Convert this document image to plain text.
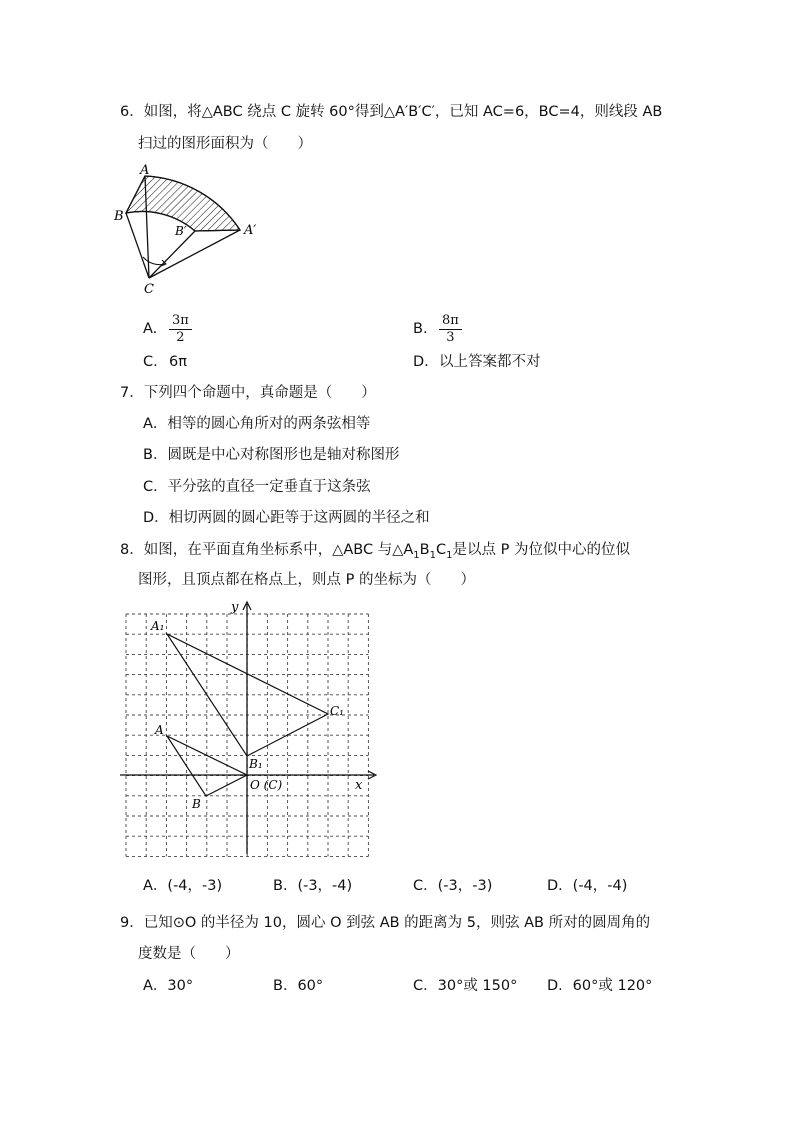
6．如图，将△ABC 绕点 C 旋转 60°得到△A′B′C′，已知 AC=6，BC=4，则线段 AB
扫过的图形面积为（　　）
A
B
B′	A′
C
A. $\frac{3\pi}{2}$	B. $\frac{8\pi}{3}$
C. 6π	D. 以上答案都不对
7．下列四个命题中，真命题是（　　）
A．相等的圆心角所对的两条弦相等
B．圆既是中心对称图形也是轴对称图形
C．平分弦的直径一定垂直于这条弦
D．相切两圆的圆心距等于这两圆的半径之和
8．如图，在平面直角坐标系中，△ABC 与$\triangle A_1B_1C_1$是以点 P 为位似中心的位似
图形，且顶点都在格点上，则点 P 的坐标为（　　）
y
x
A₁
C₁
A
B₁
O (C)
B
A．(-4，-3)	B．(-3，-4)	C．(-3，-3)	D．(-4，-4)
9．已知⊙O 的半径为 10，圆心 O 到弦 AB 的距离为 5，则弦 AB 所对的圆周角的
度数是（　　）
A．30°	B．60°	C．30°或 150° D．60°或 120°
